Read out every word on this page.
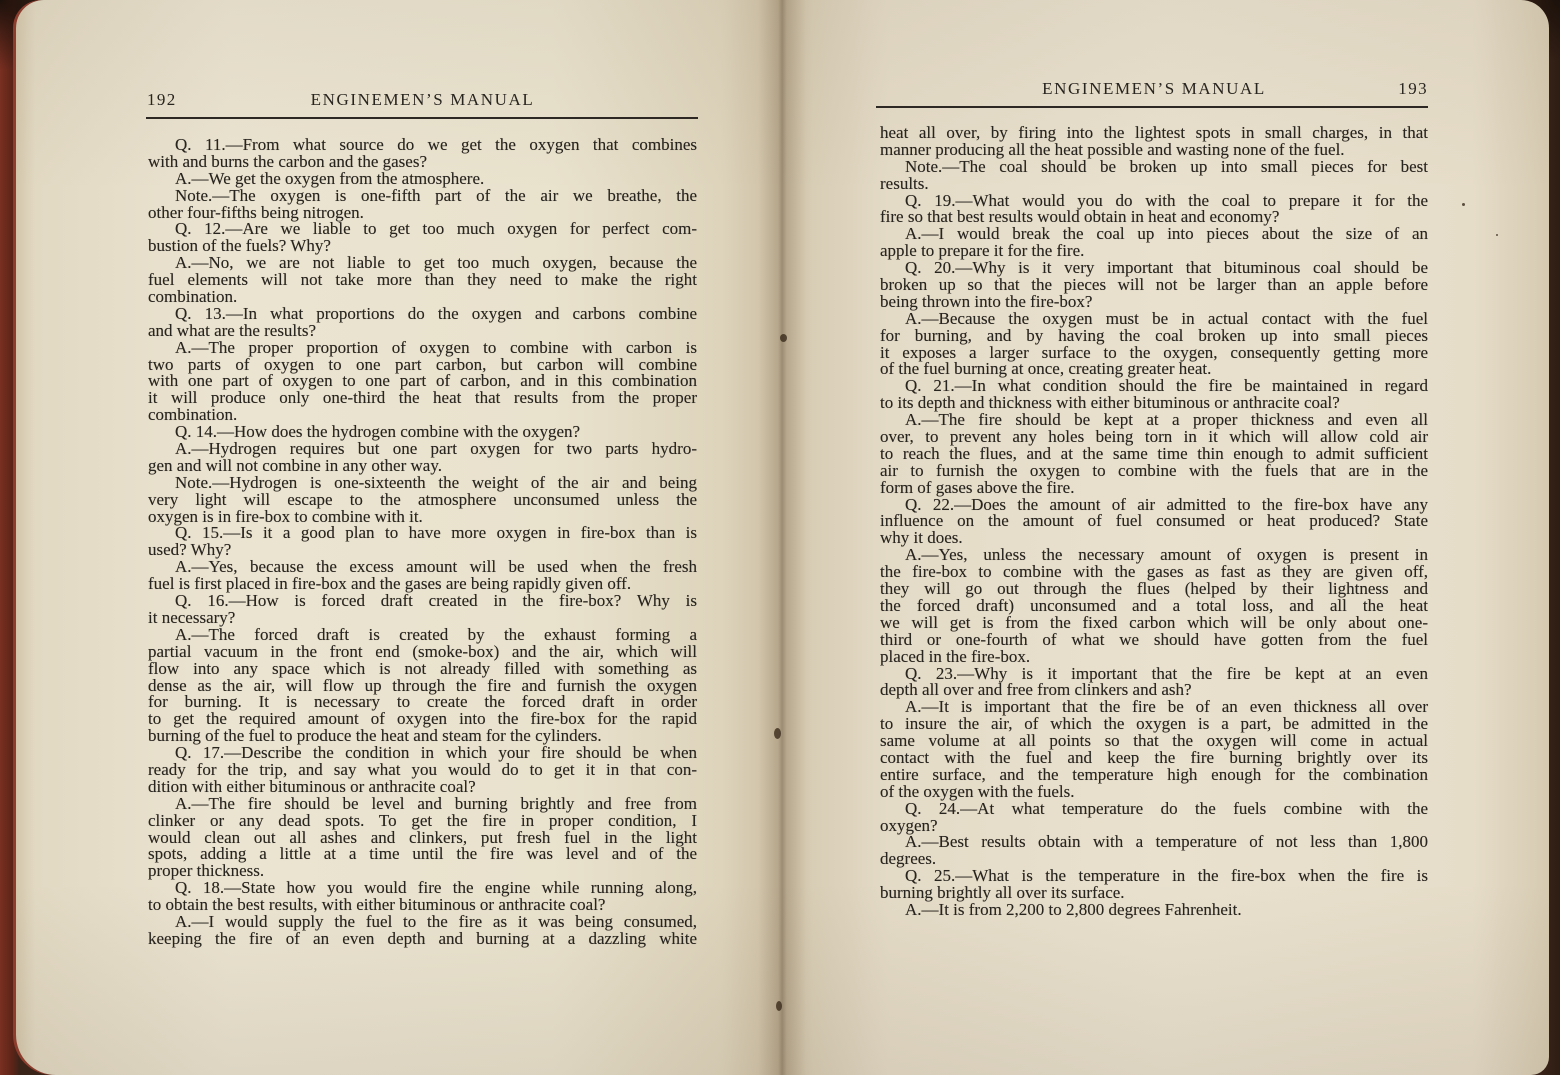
192	ENGINEMEN’S MANUAL
Q. 11.—From what source do we get the oxygen that combines
with and burns the carbon and the gases?
A.—We get the oxygen from the atmosphere.
Note.—The oxygen is one-fifth part of the air we breathe, the
other four-fifths being nitrogen.
Q. 12.—Are we liable to get too much oxygen for perfect com-
bustion of the fuels? Why?
A.—No, we are not liable to get too much oxygen, because the
fuel elements will not take more than they need to make the right
combination.
Q. 13.—In what proportions do the oxygen and carbons combine
and what are the results?
A.—The proper proportion of oxygen to combine with carbon is
two parts of oxygen to one part carbon, but carbon will combine
with one part of oxygen to one part of carbon, and in this combination
it will produce only one-third the heat that results from the proper
combination.
Q. 14.—How does the hydrogen combine with the oxygen?
A.—Hydrogen requires but one part oxygen for two parts hydro-
gen and will not combine in any other way.
Note.—Hydrogen is one-sixteenth the weight of the air and being
very light will escape to the atmosphere unconsumed unless the
oxygen is in fire-box to combine with it.
Q. 15.—Is it a good plan to have more oxygen in fire-box than is
used? Why?
A.—Yes, because the excess amount will be used when the fresh
fuel is first placed in fire-box and the gases are being rapidly given off.
Q. 16.—How is forced draft created in the fire-box? Why is
it necessary?
A.—The forced draft is created by the exhaust forming a
partial vacuum in the front end (smoke-box) and the air, which will
flow into any space which is not already filled with something as
dense as the air, will flow up through the fire and furnish the oxygen
for burning. It is necessary to create the forced draft in order
to get the required amount of oxygen into the fire-box for the rapid
burning of the fuel to produce the heat and steam for the cylinders.
Q. 17.—Describe the condition in which your fire should be when
ready for the trip, and say what you would do to get it in that con-
dition with either bituminous or anthracite coal?
A.—The fire should be level and burning brightly and free from
clinker or any dead spots. To get the fire in proper condition, I
would clean out all ashes and clinkers, put fresh fuel in the light
spots, adding a little at a time until the fire was level and of the
proper thickness.
Q. 18.—State how you would fire the engine while running along,
to obtain the best results, with either bituminous or anthracite coal?
A.—I would supply the fuel to the fire as it was being consumed,
keeping the fire of an even depth and burning at a dazzling white
ENGINEMEN’S MANUAL	193
heat all over, by firing into the lightest spots in small charges, in that
manner producing all the heat possible and wasting none of the fuel.
Note.—The coal should be broken up into small pieces for best
results.
Q. 19.—What would you do with the coal to prepare it for the
fire so that best results would obtain in heat and economy?
A.—I would break the coal up into pieces about the size of an
apple to prepare it for the fire.
Q. 20.—Why is it very important that bituminous coal should be
broken up so that the pieces will not be larger than an apple before
being thrown into the fire-box?
A.—Because the oxygen must be in actual contact with the fuel
for burning, and by having the coal broken up into small pieces
it exposes a larger surface to the oxygen, consequently getting more
of the fuel burning at once, creating greater heat.
Q. 21.—In what condition should the fire be maintained in regard
to its depth and thickness with either bituminous or anthracite coal?
A.—The fire should be kept at a proper thickness and even all
over, to prevent any holes being torn in it which will allow cold air
to reach the flues, and at the same time thin enough to admit sufficient
air to furnish the oxygen to combine with the fuels that are in the
form of gases above the fire.
Q. 22.—Does the amount of air admitted to the fire-box have any
influence on the amount of fuel consumed or heat produced? State
why it does.
A.—Yes, unless the necessary amount of oxygen is present in
the fire-box to combine with the gases as fast as they are given off,
they will go out through the flues (helped by their lightness and
the forced draft) unconsumed and a total loss, and all the heat
we will get is from the fixed carbon which will be only about one-
third or one-fourth of what we should have gotten from the fuel
placed in the fire-box.
Q. 23.—Why is it important that the fire be kept at an even
depth all over and free from clinkers and ash?
A.—It is important that the fire be of an even thickness all over
to insure the air, of which the oxygen is a part, be admitted in the
same volume at all points so that the oxygen will come in actual
contact with the fuel and keep the fire burning brightly over its
entire surface, and the temperature high enough for the combination
of the oxygen with the fuels.
Q. 24.—At what temperature do the fuels combine with the
oxygen?
A.—Best results obtain with a temperature of not less than 1,800
degrees.
Q. 25.—What is the temperature in the fire-box when the fire is
burning brightly all over its surface.
A.—It is from 2,200 to 2,800 degrees Fahrenheit.
